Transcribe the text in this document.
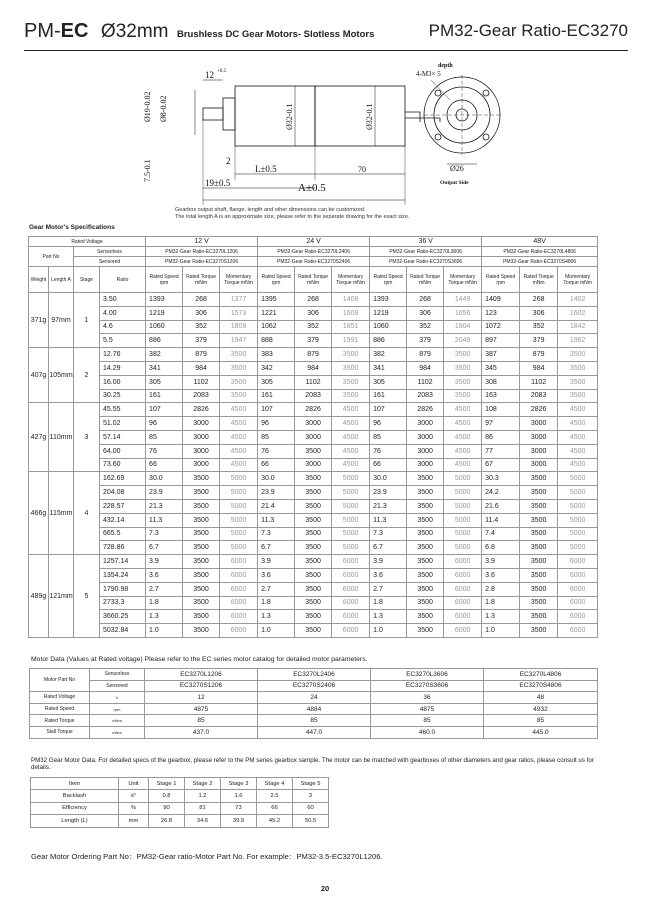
PM-EC Ø32mm Brushless DC Gear Motors- Slotless Motors	PM32-Gear Ratio-EC3270
12 +0.5
Ø19-0.02 Ø8-0.02	Ø32-0.1	Ø32-0.1
7.5-0.1	2
L±0.5	70
19±0.5	A±0.5
depth
4-M3× 5
Ø26
Output Side
Gearbox output shaft, flange, length and other dimensions can be customized.
The total length A is an approximate size, please refer to the separate drawing for the exact size.
Gear Motor's Specifications
Rated Voltage				12 V			24 V			36 V			48V		
Part No		Sensorless		PM32-Gear Ratio-EC3270L1206			PM32-Gear Ratio-EC3270L2406			PM32-Gear Ratio-EC3270L3606			PM32-Gear Ratio-EC3270L4806		
		Sensored		PM32-Gear Ratio-EC3270S1206			PM32-Gear Ratio-EC3270S2406			PM32-Gear Ratio-EC3270S3606			PM32-Gear Ratio-EC3270S4806		
Weight	Length A	Stage	Ratio	Rated Speed rpm	Rated Torque mNm	Momentary Torque mNm	Rated Speed rpm	Rated Torque mNm	Momentary Torque mNm	Rated Speed rpm	Rated Torque mNm	Momentary Torque mNm	Rated Speed rpm	Rated Torque mNm	Momentary Torque mNm
371g	97mm	1	3.50	1393	268	1377	1395	268	1408	1393	268	1449	1409	268	1402
			4.00	1219	306	1573	1221	306	1609	1219	306	1656	123	306	1602
			4.6	1060	352	1809	1062	352	1851	1060	352	1904	1072	352	1842
			5.5	886	379	1947	888	379	1991	886	379	2049	897	379	1982
407g	105mm	2	12.76	382	879	3500	383	879	3500	382	879	3500	387	879	3500
			14.29	341	984	3500	342	984	3500	341	984	3500	345	984	3500
			16.00	305	1102	3500	305	1102	3500	305	1102	3500	308	1102	3500
			30.25	161	2083	3500	161	2083	3500	161	2083	3500	163	2083	3500
427g	110mm	3	45.55	107	2826	4500	107	2826	4500	107	2826	4500	108	2826	4500
			51.02	96	3000	4500	96	3000	4500	96	3000	4500	97	3000	4500
			57.14	85	3000	4500	85	3000	4500	85	3000	4500	86	3000	4500
			64.00	76	3000	4500	76	3500	4500	76	3000	4500	77	3000	4500
			73.60	66	3000	4500	66	3000	4500	66	3000	4500	67	3000	4500
466g	115mm	4	162.69	30.0	3500	5000	30.0	3500	5000	30.0	3500	5000	30.3	3500	5000
			204.08	23.9	3500	5000	23.9	3500	5000	23.9	3500	5000	24.2	3500	5000
			228.57	21.3	3500	5000	21.4	3500	5000	21.3	3500	5000	21.6	3500	5000
			432.14	11.3	3500	5000	11.3	3500	5000	11.3	3500	5000	11.4	3500	5000
			665.5	7.3	3500	5000	7.3	3500	5000	7.3	3500	5000	7.4	3500	5000
			728.86	6.7	3500	5000	6.7	3500	5000	6.7	3500	5000	6.8	3500	5000
489g	121mm	5	1257.14	3.9	3500	6000	3.9	3500	6000	3.9	3500	6000	3.9	3500	6000
			1354.24	3.6	3500	6000	3.6	3500	6000	3.6	3500	6000	3.6	3500	6000
			1790.98	2.7	3500	6000	2.7	3500	6000	2.7	3500	6000	2.8	3500	6000
			2733.3	1.8	3500	6000	1.8	3500	6000	1.8	3500	6000	1.8	3500	6000
			3660.25	1.3	3500	6000	1.3	3500	6000	1.3	3500	6000	1.3	3500	6000
			5032.84	1.0	3500	6000	1.0	3500	6000	1.0	3500	6000	1.0	3500	6000
Motor Data (Values at Rated voltage) Please refer to the EC series motor catalog for detailed motor parameters.
Motor Part No	Sensorless	EC3270L1206	EC3270L2406	EC3270L3606	EC3270L4806
	Sensored	EC3270S1206	EC3270S2406	EC3270S3606	EC3270S4806
Rated Voltage	V	12	24	36	48
Rated Speed	rpm	4875	4884	4875	4932
Rated Torque	mNm	85	85	85	85
Stall Torque	mNm	437.0	447.0	460.0	445.0
PM32 Gear Motor Data, For detailed specs of the gearbox, please refer to the PM series gearbox sample. The motor can be matched with gearboxes of other diameters and gear ratios, please consult us for details.
Item	Unit	Stage 1	Stage 2	Stage 3	Stage 4	Stage 5
Backlash	≤°	0.8	1.2	1.6	2.5	3
Efficiency	%	90	81	73	66	60
Length (L)	mm	26.8	34.6	39.9	45.2	50.5
Gear Motor Ordering Part No：PM32-Gear ratio-Motor Part No. For example：PM32-3.5-EC3270L1206.
20
